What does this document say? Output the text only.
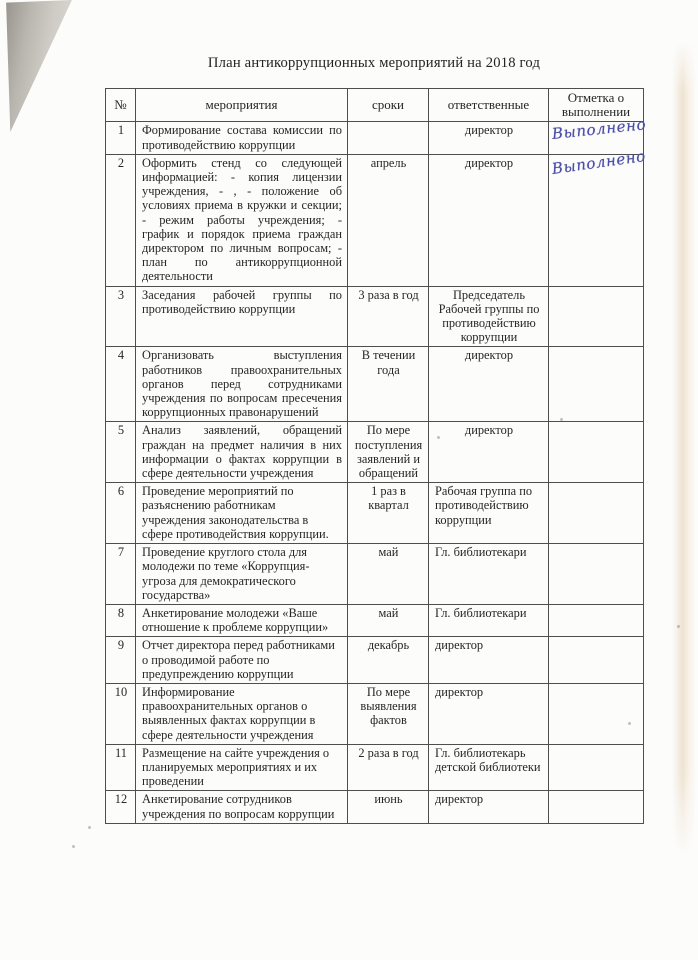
План антикоррупционных мероприятий на 2018 год
№	мероприятия	сроки	ответственные	Отметка о выполнении
1	Формирование состава комиссии по противодействию коррупции		директор	Выполнено

2	Оформить стенд со следующей информацией: - копия лицензии учреждения, - , - положение об условиях приема в кружки и секции; - режим работы учреждения; - график и порядок приема граждан директором по личным вопросам; - план по антикоррупционной деятельности	апрель	директор	Выполнено

3	Заседания рабочей группы по противодействию коррупции	3 раза в год	Председатель Рабочей группы по противодействию коррупции	
4	Организовать выступления работников правоохранительных органов перед сотрудниками учреждения по вопросам пресечения коррупционных правонарушений	В течении года	директор	
5	Анализ заявлений, обращений граждан на предмет наличия в них информации о фактах коррупции в сфере деятельности учреждения	По мере поступления заявлений и обращений	директор	
6	Проведение мероприятий по разъяснению работникам учреждения законодательства в сфере противодействия коррупции.	1 раз в квартал	Рабочая группа по противодействию коррупции	
7	Проведение круглого стола для молодежи по теме «Коррупция-угроза для демократического государства»	май	Гл. библиотекари	
8	Анкетирование молодежи «Ваше отношение к проблеме коррупции»	май	Гл. библиотекари	
9	Отчет директора перед работниками о проводимой работе по предупреждению коррупции	декабрь	директор	
10	Информирование правоохранительных органов о выявленных фактах коррупции в сфере деятельности учреждения	По мере выявления фактов	директор	
11	Размещение на сайте учреждения о планируемых мероприятиях и их проведении	2 раза в год	Гл. библиотекарь детской библиотеки	
12	Анкетирование сотрудников учреждения по вопросам коррупции	июнь	директор	
